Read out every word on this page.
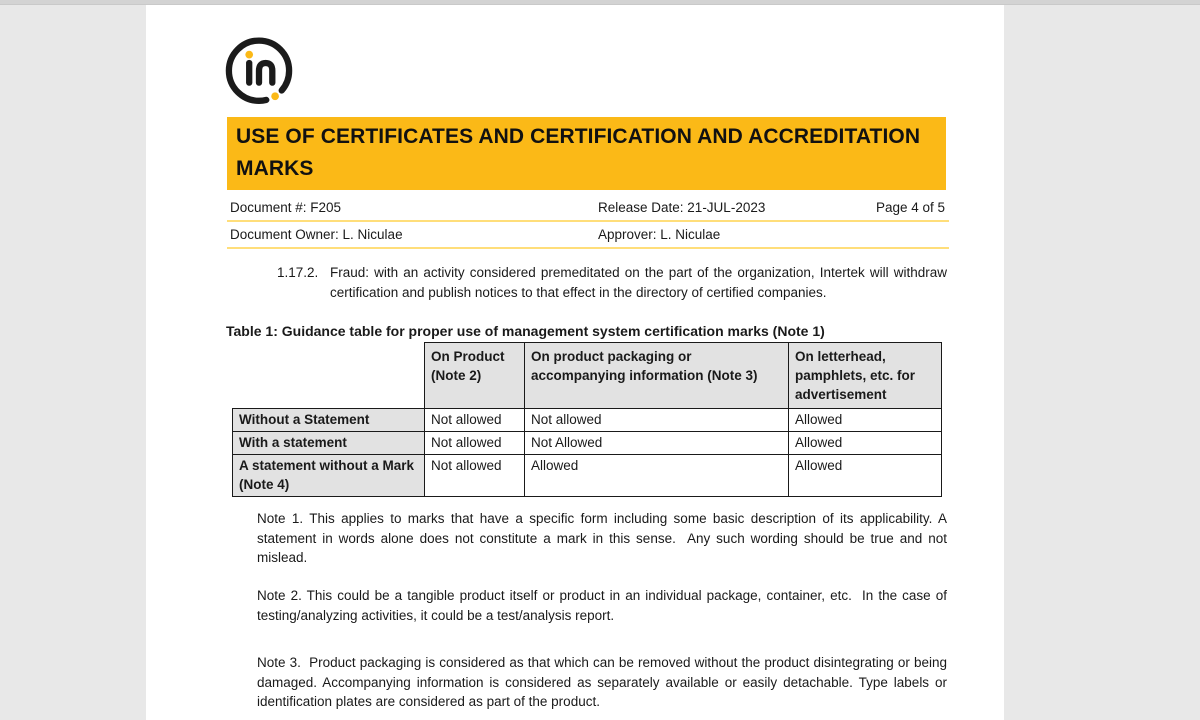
USE OF CERTIFICATES AND CERTIFICATION AND ACCREDITATION MARKS
Document #: F205	Release Date: 21-JUL-2023	Page 4 of 5
Document Owner: L. Niculae	Approver: L. Niculae
1.17.2. Fraud: with an activity considered premeditated on the part of the organization, Intertek will withdraw certification and publish notices to that effect in the directory of certified companies.
Table 1: Guidance table for proper use of management system certification marks (Note 1)
	On Product (Note 2)	On product packaging or accompanying information (Note 3)	On letterhead, pamphlets, etc. for advertisement
Without a Statement	Not allowed	Not allowed	Allowed
With a statement	Not allowed	Not Allowed	Allowed
A statement without a Mark (Note 4)	Not allowed	Allowed	Allowed
Note 1. This applies to marks that have a specific form including some basic description of its applicability. A statement in words alone does not constitute a mark in this sense.  Any such wording should be true and not mislead.
Note 2. This could be a tangible product itself or product in an individual package, container, etc.  In the case of testing/analyzing activities, it could be a test/analysis report.
Note 3.  Product packaging is considered as that which can be removed without the product disintegrating or being damaged. Accompanying information is considered as separately available or easily detachable. Type labels or identification plates are considered as part of the product.
